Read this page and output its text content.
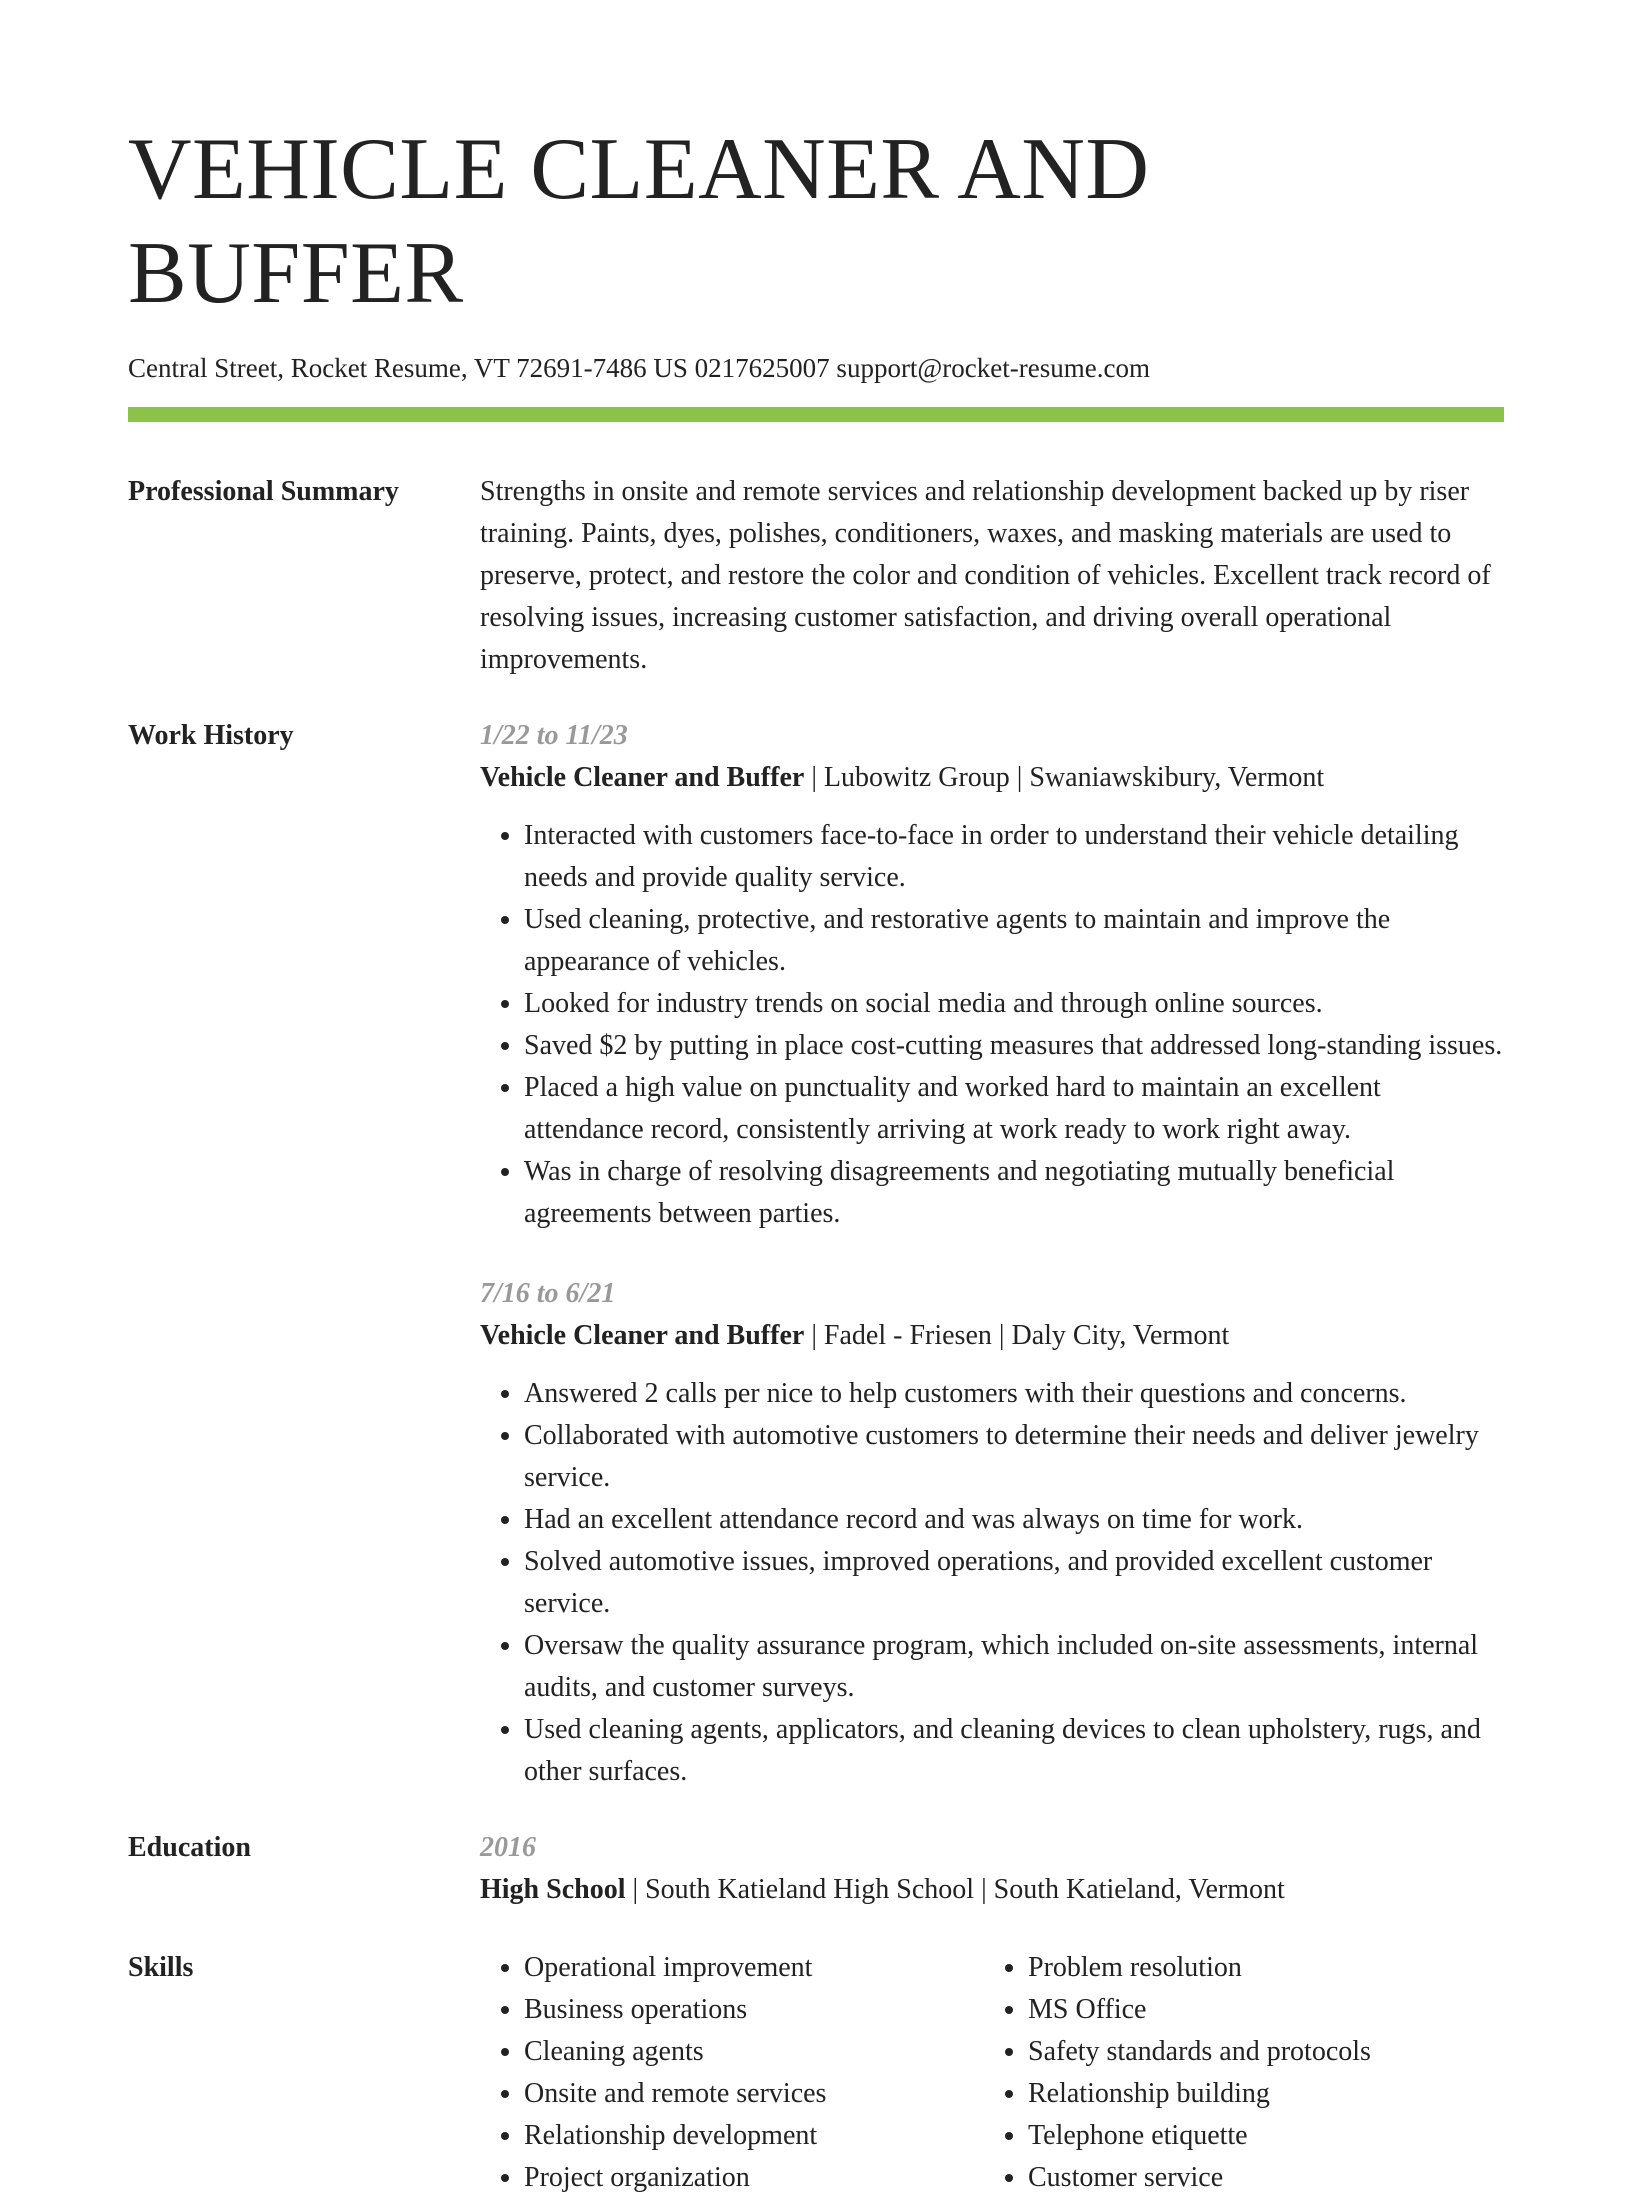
VEHICLE CLEANER AND BUFFER
Central Street, Rocket Resume, VT 72691-7486 US 0217625007 support@rocket-resume.com
Professional Summary	Strengths in onsite and remote services and relationship development backed up by riser training. Paints, dyes, polishes, conditioners, waxes, and masking materials are used to preserve, protect, and restore the color and condition of vehicles. Excellent track record of resolving issues, increasing customer satisfaction, and driving overall operational improvements.
Work History	1/22 to 11/23
Vehicle Cleaner and Buffer | Lubowitz Group | Swaniawskibury, Vermont
• Interacted with customers face-to-face in order to understand their vehicle detailing needs and provide quality service.
• Used cleaning, protective, and restorative agents to maintain and improve the appearance of vehicles.
• Looked for industry trends on social media and through online sources.
• Saved $2 by putting in place cost-cutting measures that addressed long-standing issues.
• Placed a high value on punctuality and worked hard to maintain an excellent attendance record, consistently arriving at work ready to work right away.
• Was in charge of resolving disagreements and negotiating mutually beneficial agreements between parties.
7/16 to 6/21
Vehicle Cleaner and Buffer | Fadel - Friesen | Daly City, Vermont
• Answered 2 calls per nice to help customers with their questions and concerns.
• Collaborated with automotive customers to determine their needs and deliver jewelry service.
• Had an excellent attendance record and was always on time for work.
• Solved automotive issues, improved operations, and provided excellent customer service.
• Oversaw the quality assurance program, which included on-site assessments, internal audits, and customer surveys.
• Used cleaning agents, applicators, and cleaning devices to clean upholstery, rugs, and other surfaces.
Education	2016
High School | South Katieland High School | South Katieland, Vermont
Skills
•	Operational improvement
• Business operations
• Cleaning agents
• Onsite and remote services
• Relationship development
• Project organization
• Problem resolution
• MS Office
• Safety standards and protocols
• Relationship building
• Telephone etiquette
• Customer service
